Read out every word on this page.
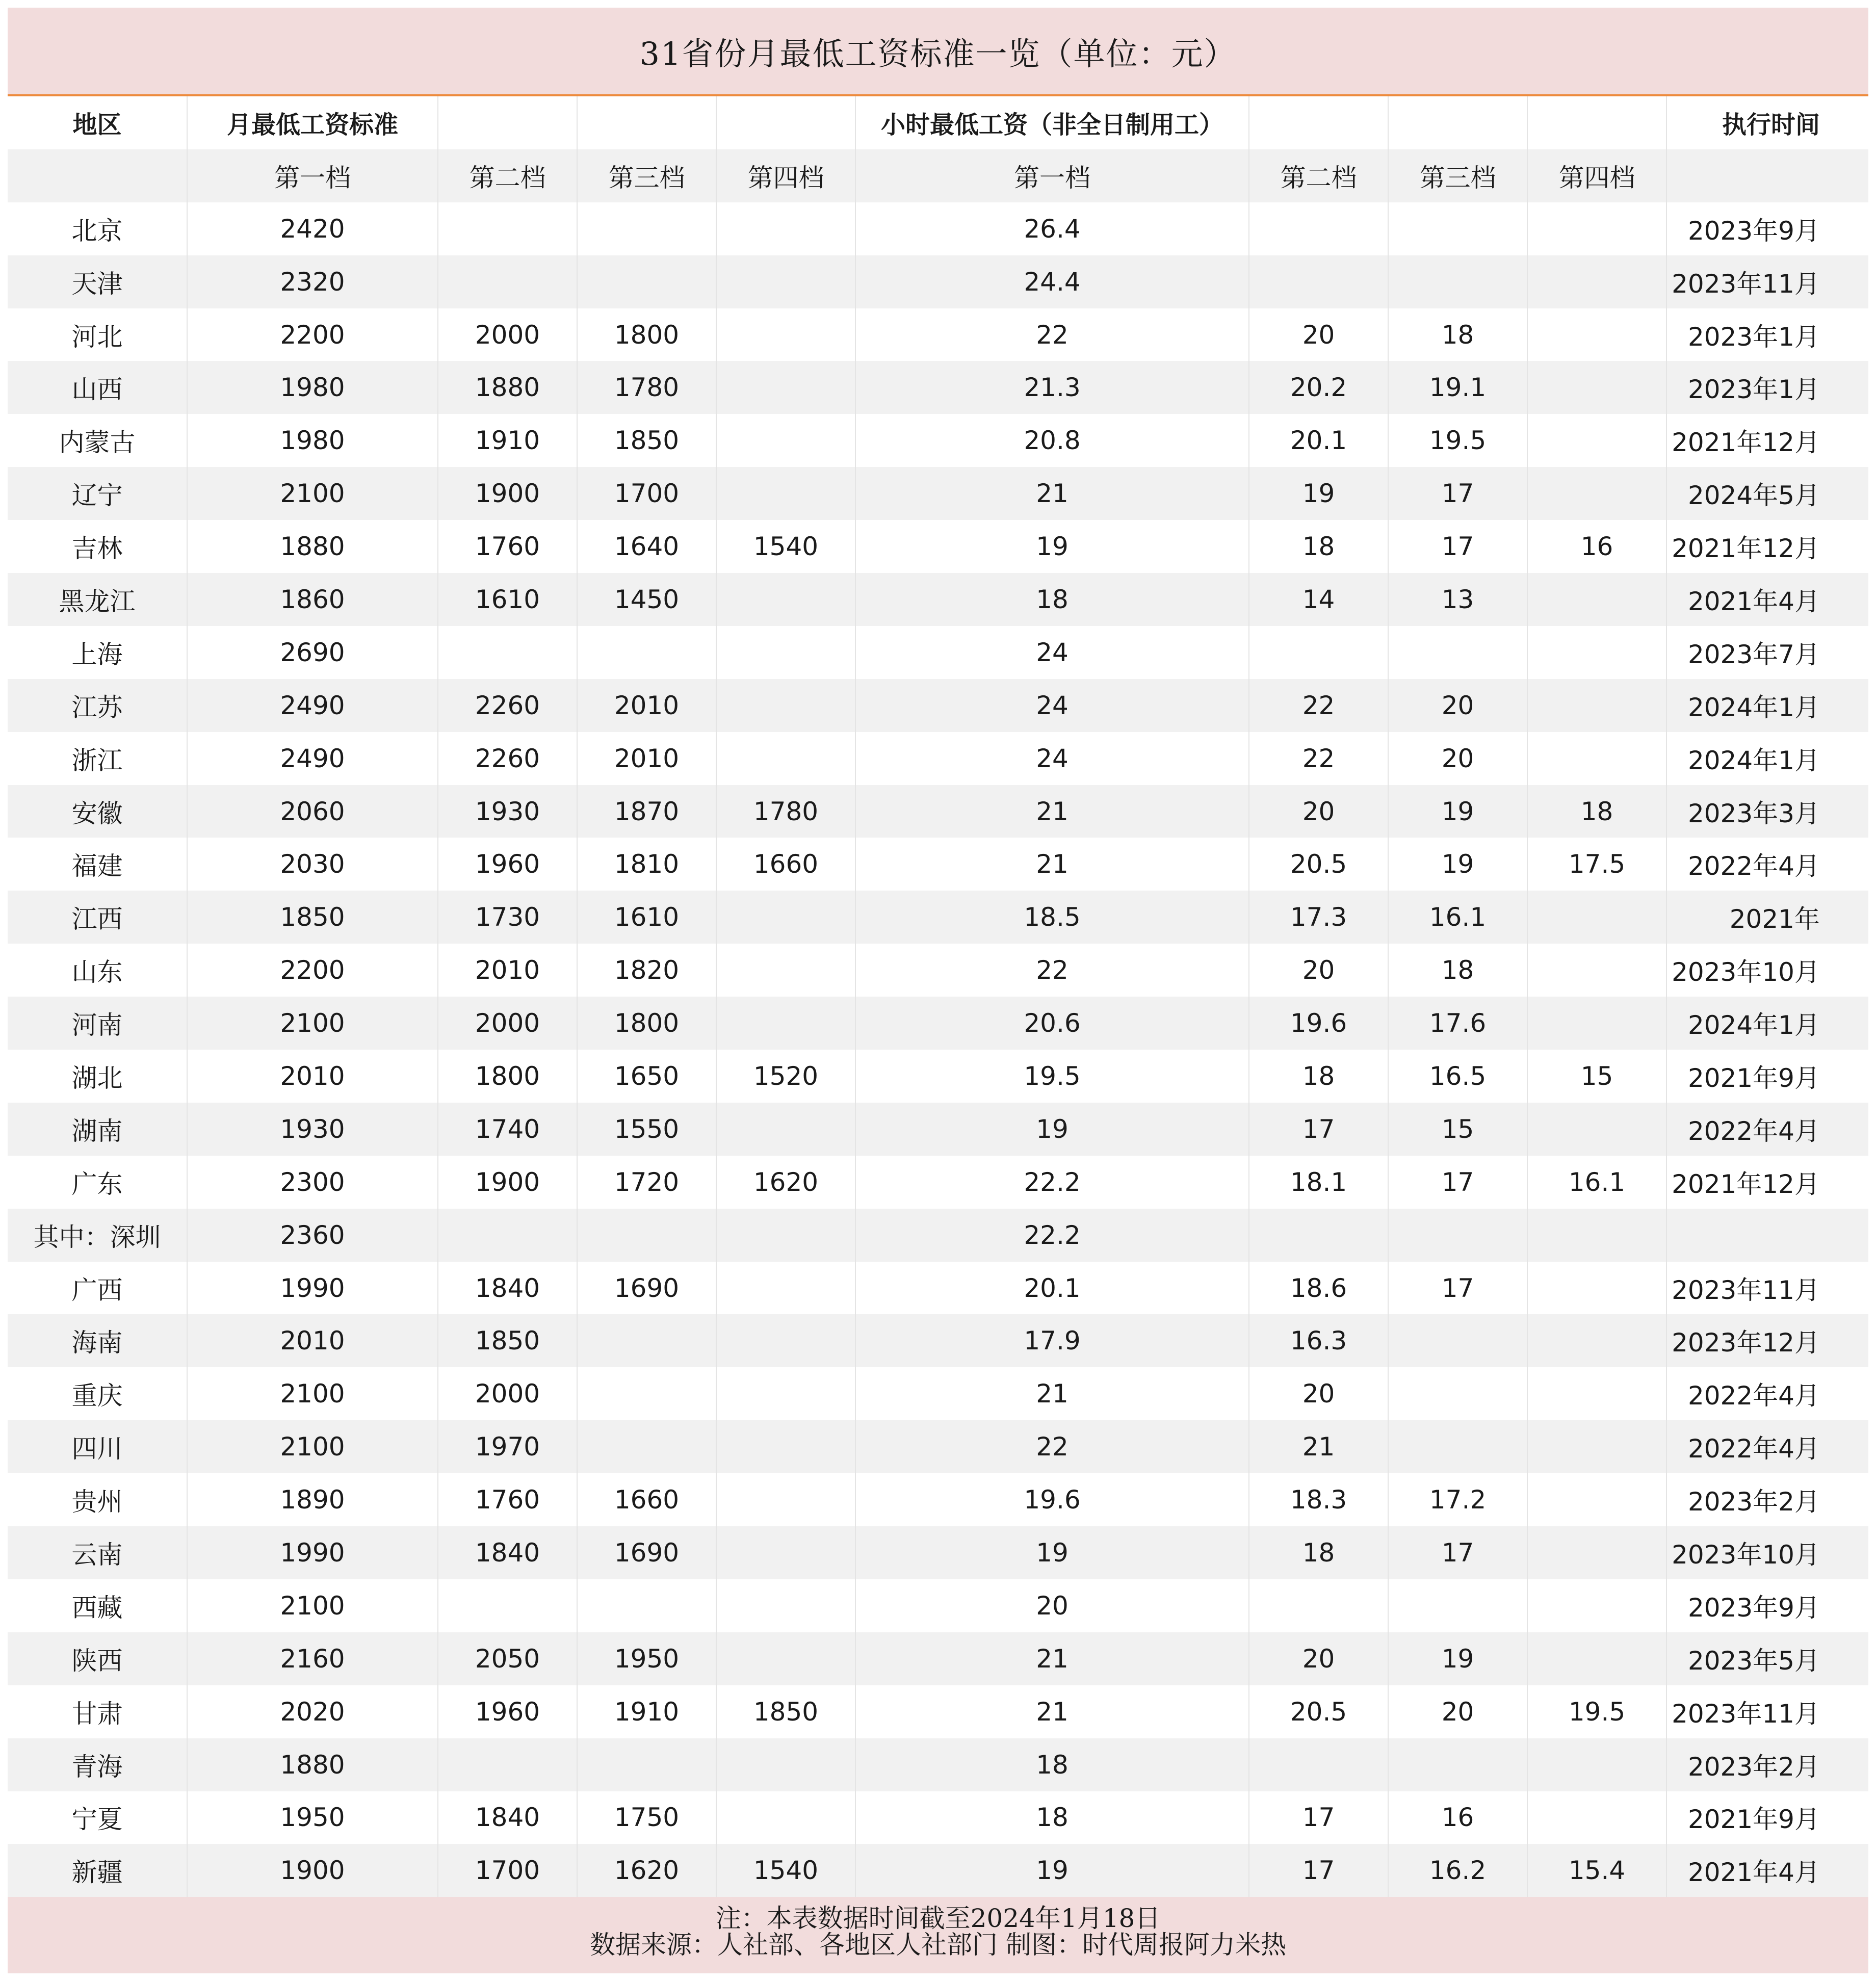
31省份月最低工资标准一览（单位：元）
地区	月最低工资标准				小时最低工资（非全日制用工）				执行时间
	第一档	第二档	第三档	第四档	第一档	第二档	第三档	第四档	
北京	2420				26.4				2023年9月
天津	2320				24.4				2023年11月
河北	2200	2000	1800		22	20	18		2023年1月
山西	1980	1880	1780		21.3	20.2	19.1		2023年1月
内蒙古	1980	1910	1850		20.8	20.1	19.5		2021年12月
辽宁	2100	1900	1700		21	19	17		2024年5月
吉林	1880	1760	1640	1540	19	18	17	16	2021年12月
黑龙江	1860	1610	1450		18	14	13		2021年4月
上海	2690				24				2023年7月
江苏	2490	2260	2010		24	22	20		2024年1月
浙江	2490	2260	2010		24	22	20		2024年1月
安徽	2060	1930	1870	1780	21	20	19	18	2023年3月
福建	2030	1960	1810	1660	21	20.5	19	17.5	2022年4月
江西	1850	1730	1610		18.5	17.3	16.1		2021年
山东	2200	2010	1820		22	20	18		2023年10月
河南	2100	2000	1800		20.6	19.6	17.6		2024年1月
湖北	2010	1800	1650	1520	19.5	18	16.5	15	2021年9月
湖南	1930	1740	1550		19	17	15		2022年4月
广东	2300	1900	1720	1620	22.2	18.1	17	16.1	2021年12月
其中：深圳	2360				22.2				
广西	1990	1840	1690		20.1	18.6	17		2023年11月
海南	2010	1850			17.9	16.3			2023年12月
重庆	2100	2000			21	20			2022年4月
四川	2100	1970			22	21			2022年4月
贵州	1890	1760	1660		19.6	18.3	17.2		2023年2月
云南	1990	1840	1690		19	18	17		2023年10月
西藏	2100				20				2023年9月
陕西	2160	2050	1950		21	20	19		2023年5月
甘肃	2020	1960	1910	1850	21	20.5	20	19.5	2023年11月
青海	1880				18				2023年2月
宁夏	1950	1840	1750		18	17	16		2021年9月
新疆	1900	1700	1620	1540	19	17	16.2	15.4	2021年4月
注：本表数据时间截至2024年1月18日
数据来源：人社部、各地区人社部门 制图：时代周报阿力米热
